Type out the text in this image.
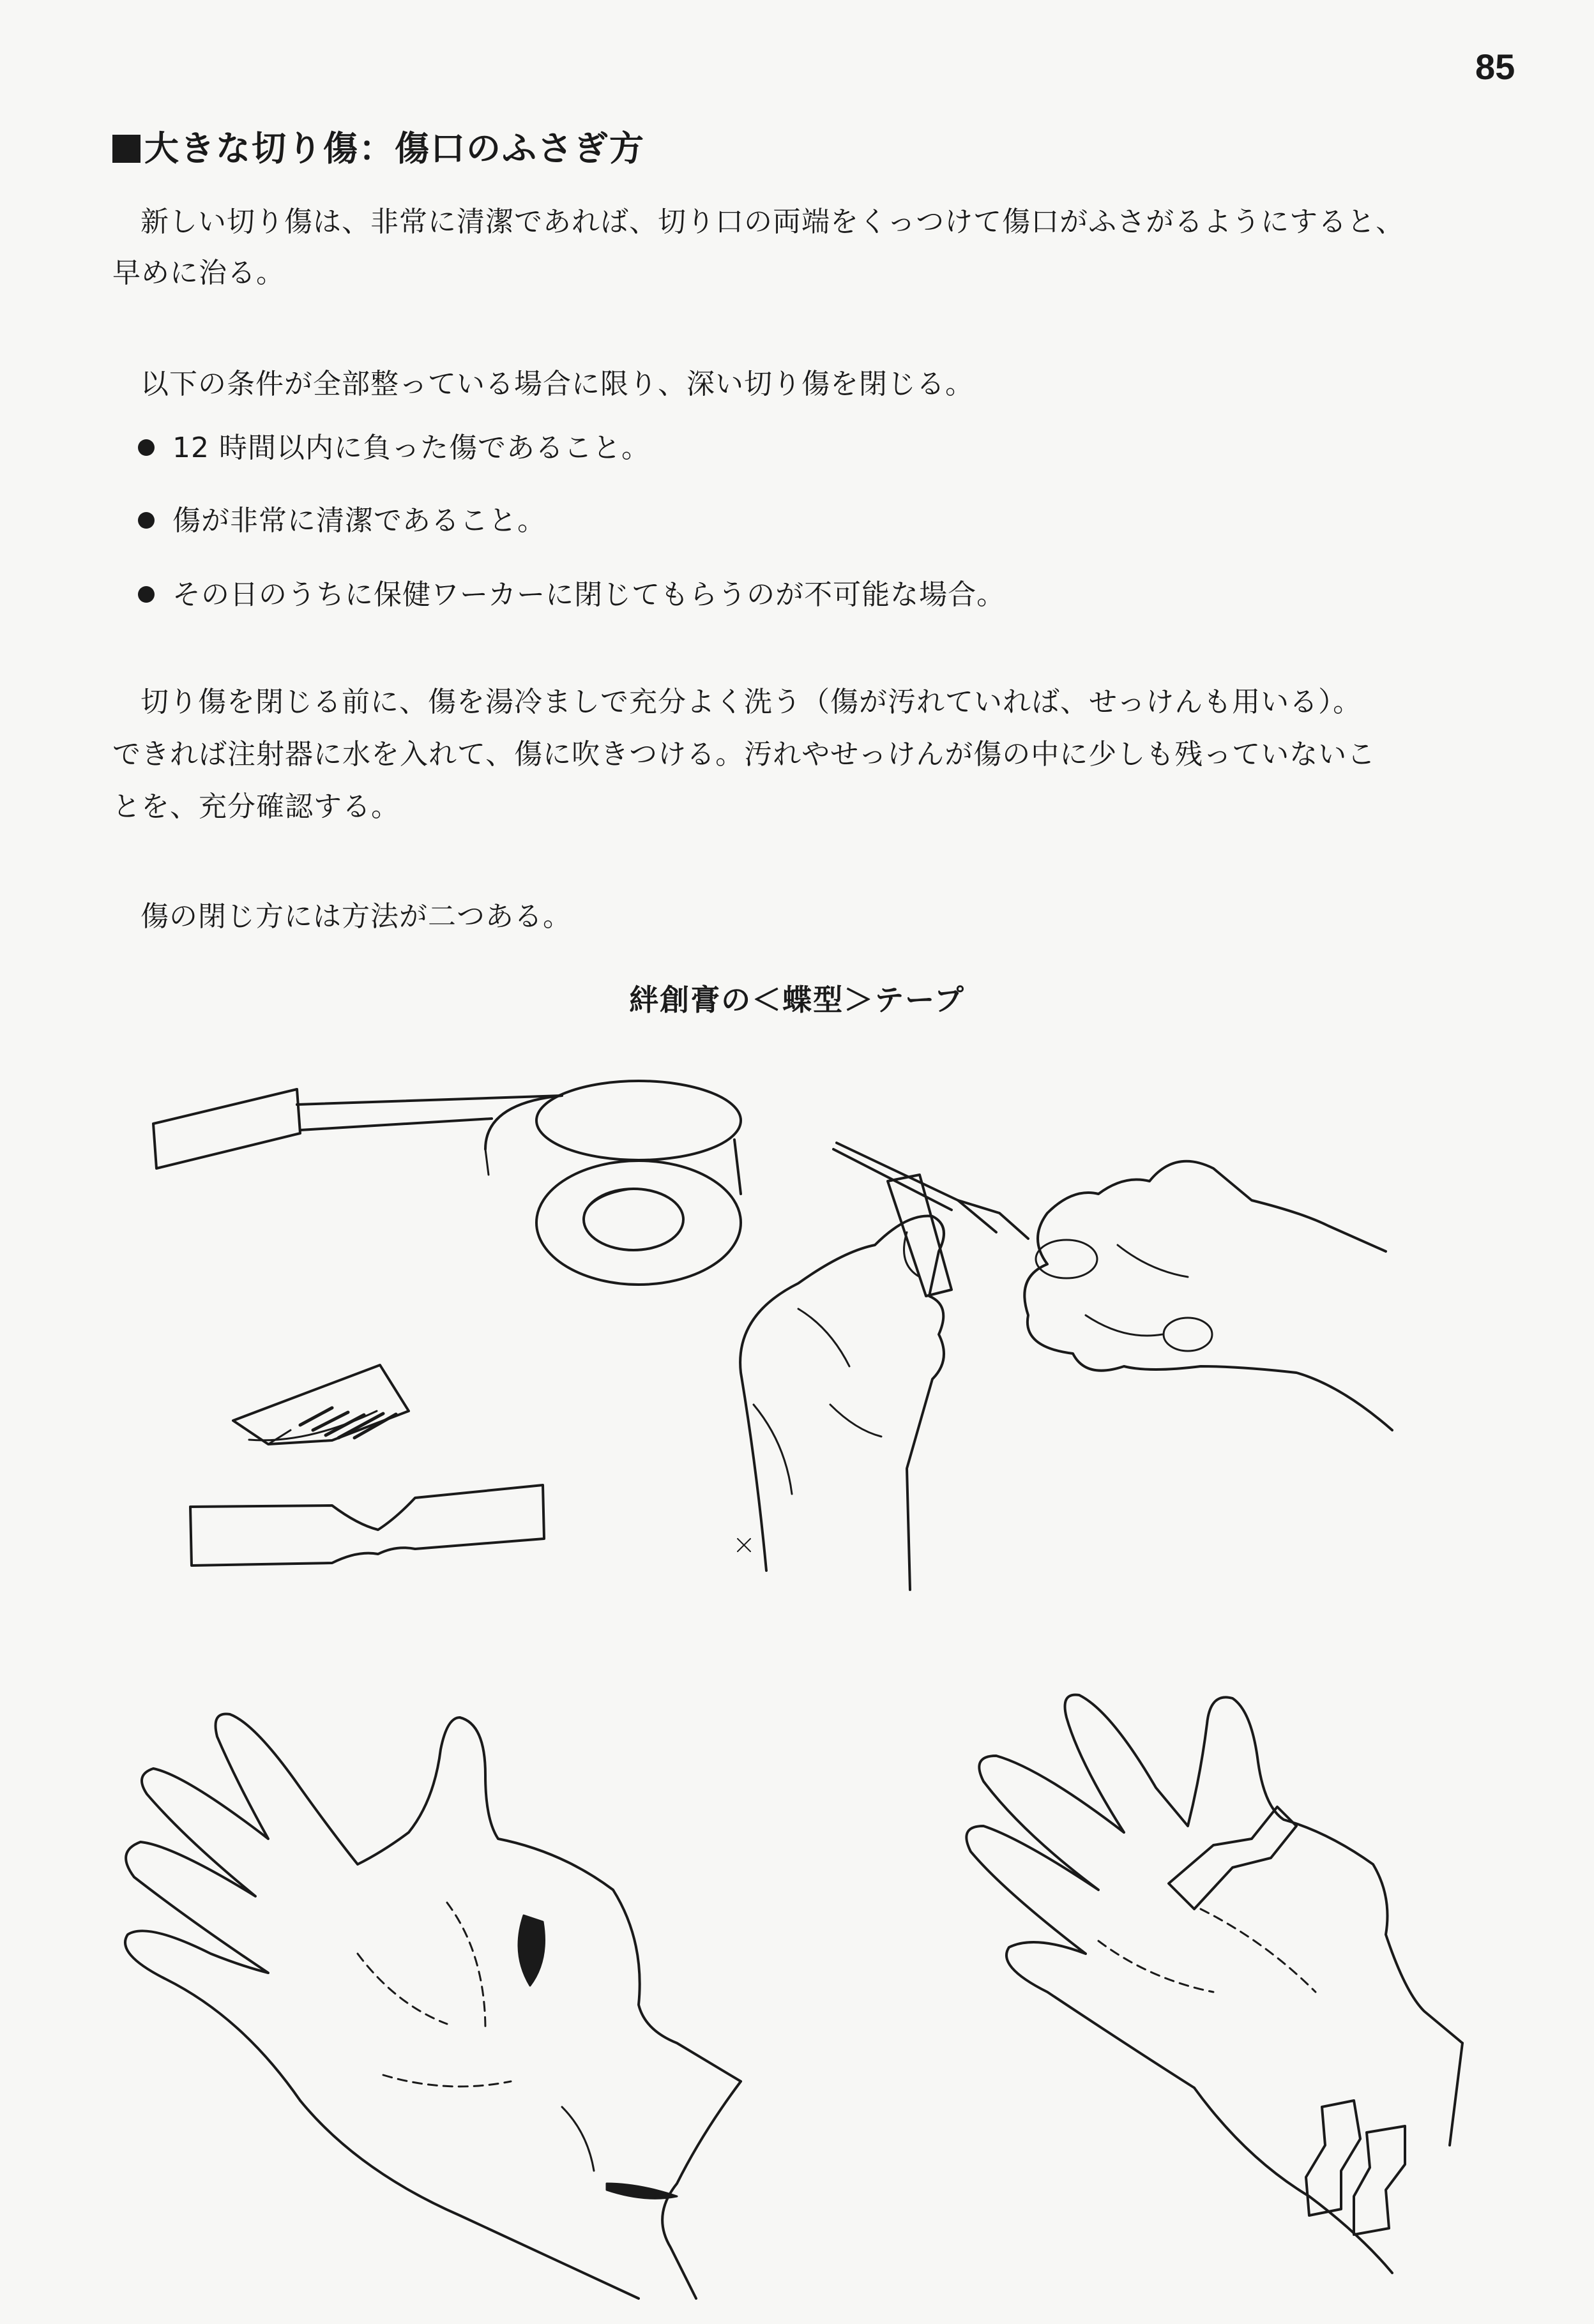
85
大きな切り傷：傷口のふさぎ方
新しい切り傷は、非常に清潔であれば、切り口の両端をくっつけて傷口がふさがるようにすると、
早めに治る。
以下の条件が全部整っている場合に限り、深い切り傷を閉じる。
12 時間以内に負った傷であること。
傷が非常に清潔であること。
その日のうちに保健ワーカーに閉じてもらうのが不可能な場合。
切り傷を閉じる前に、傷を湯冷ましで充分よく洗う（傷が汚れていれば、せっけんも用いる）。
できれば注射器に水を入れて、傷に吹きつける。汚れやせっけんが傷の中に少しも残っていないこ
とを、充分確認する。
傷の閉じ方には方法が二つある。
絆創膏の＜蝶型＞テープ
